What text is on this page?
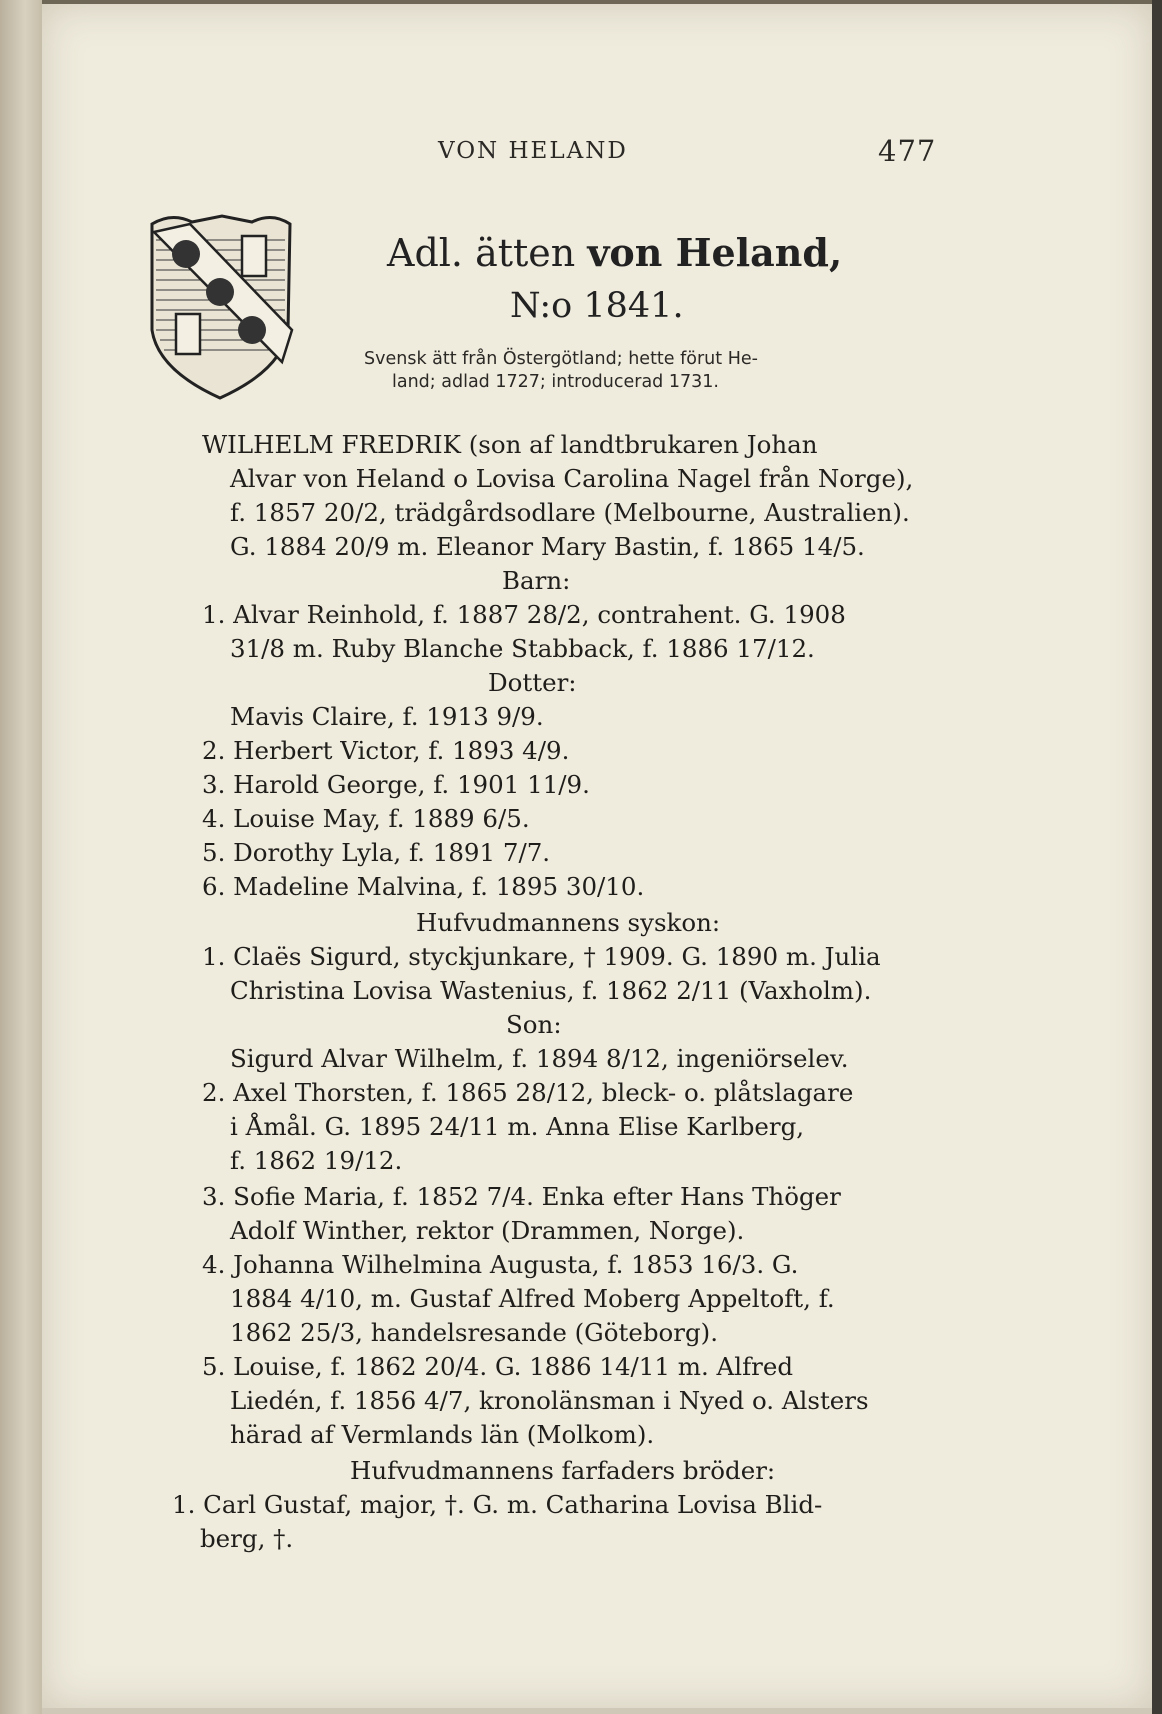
VON HELAND	477
Adl. ätten von Heland,
N:o 1841.
Svensk ätt från Östergötland; hette förut He-
land; adlad 1727; introducerad 1731.
WILHELM FREDRIK (son af landtbrukaren Johan
Alvar von Heland o Lovisa Carolina Nagel från Norge),
f. 1857 20/2, trädgårdsodlare (Melbourne, Australien).
G. 1884 20/9 m. Eleanor Mary Bastin, f. 1865 14/5.
Barn:
1. Alvar Reinhold, f. 1887 28/2, contrahent. G. 1908
31/8 m. Ruby Blanche Stabback, f. 1886 17/12.
Dotter:
Mavis Claire, f. 1913 9/9.
2. Herbert Victor, f. 1893 4/9.
3. Harold George, f. 1901 11/9.
4. Louise May, f. 1889 6/5.
5. Dorothy Lyla, f. 1891 7/7.
6. Madeline Malvina, f. 1895 30/10.
Hufvudmannens syskon:
1. Claës Sigurd, styckjunkare, † 1909. G. 1890 m. Julia
Christina Lovisa Wastenius, f. 1862 2/11 (Vaxholm).
Son:
Sigurd Alvar Wilhelm, f. 1894 8/12, ingeniörselev.
2. Axel Thorsten, f. 1865 28/12, bleck- o. plåtslagare
i Åmål. G. 1895 24/11 m. Anna Elise Karlberg,
f. 1862 19/12.
3. Sofie Maria, f. 1852 7/4. Enka efter Hans Thöger
Adolf Winther, rektor (Drammen, Norge).
4. Johanna Wilhelmina Augusta, f. 1853 16/3. G.
1884 4/10, m. Gustaf Alfred Moberg Appeltoft, f.
1862 25/3, handelsresande (Göteborg).
5. Louise, f. 1862 20/4. G. 1886 14/11 m. Alfred
Liedén, f. 1856 4/7, kronolänsman i Nyed o. Alsters
härad af Vermlands län (Molkom).
Hufvudmannens farfaders bröder:
1. Carl Gustaf, major, †. G. m. Catharina Lovisa Blid-
berg, †.
